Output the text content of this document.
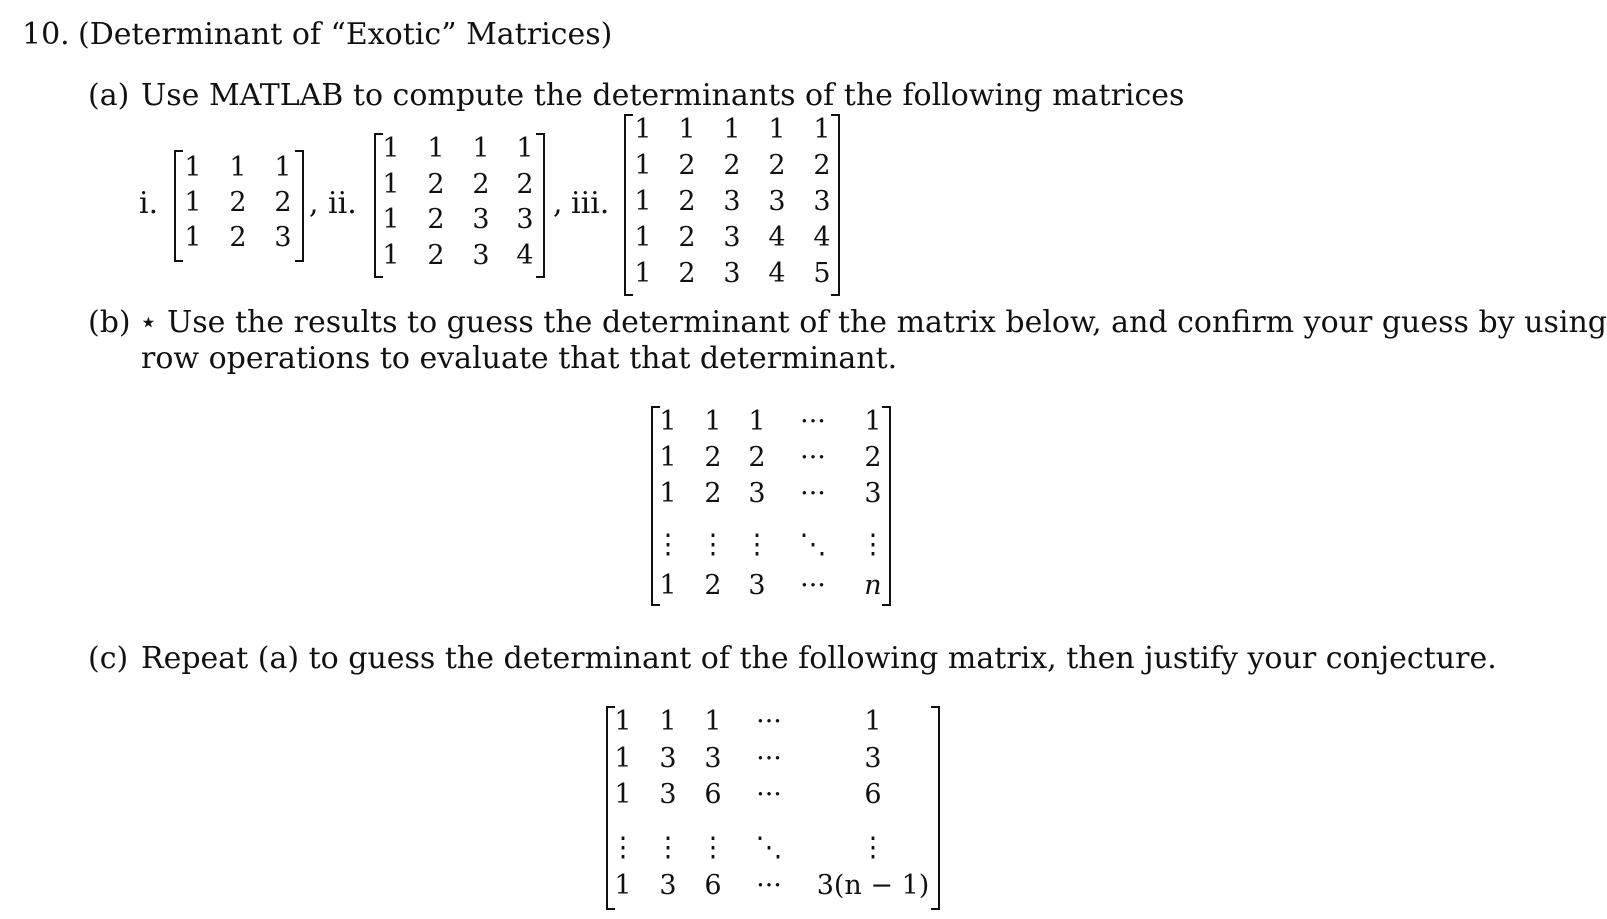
10. (Determinant of “Exotic” Matrices)
(a) Use MATLAB to compute the determinants of the following matrices
i.
1 1 1
1 2 2
1 2 3
, ii.
1 1 1 1
1 2 2 2
1 2 3 3
1 2 3 4
, iii.
1 1 1 1 1
1 2 2 2 2
1 2 3 3 3
1 2 3 4 4
1 2 3 4 5
(b) ⋆ Use the results to guess the determinant of the matrix below, and confirm your guess by using
row operations to evaluate that that determinant.
1 1 1 ··· 1
1 2 2 ··· 2
1 2 3 ··· 3
⋮ ⋮ ⋮ ⋱ ⋮
1 2 3 ··· n
(c) Repeat (a) to guess the determinant of the following matrix, then justify your conjecture.
1 1 1 ···	1
1 3 3 ···	3
1 3 6 ···	6
⋮ ⋮ ⋮ ⋱	⋮
1 3 6 ··· 3(n − 1)
